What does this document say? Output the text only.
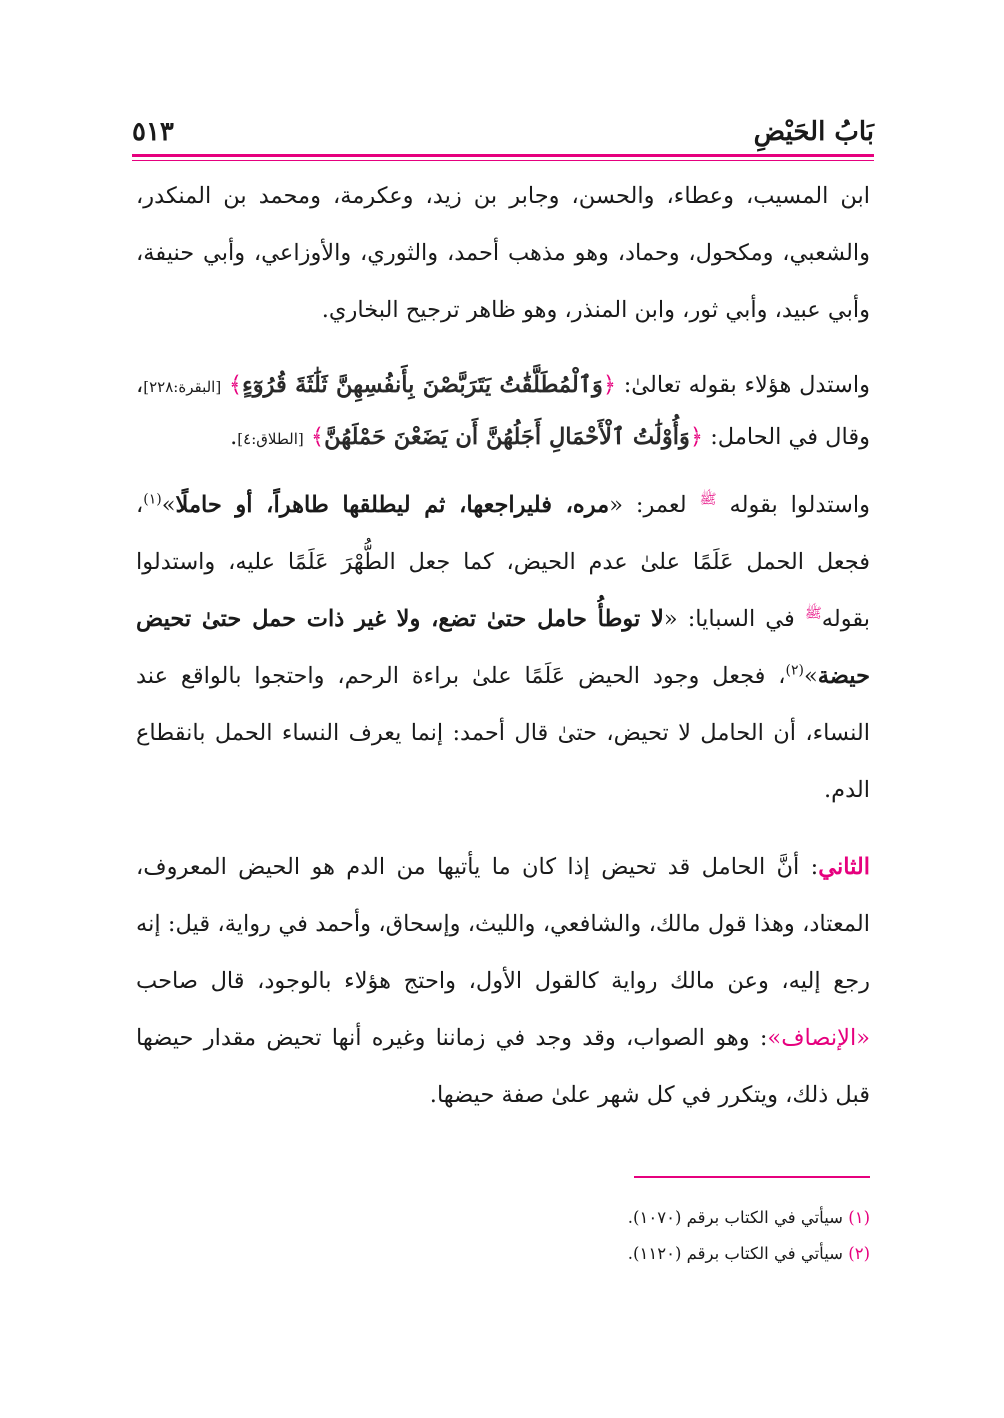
بَابُ الحَيْضِ
٥١٣

ابن المسيب، وعطاء، والحسن، وجابر بن زيد، وعكرمة، ومحمد بن المنكدر، والشعبي، ومكحول، وحماد، وهو مذهب أحمد، والثوري، والأوزاعي، وأبي حنيفة، وأبي عبيد، وأبي ثور، وابن المنذر، وهو ظاهر ترجيح البخاري.

واستدل هؤلاء بقوله تعالىٰ: ﴿وَٱلْمُطَلَّقَٰتُ يَتَرَبَّصْنَ بِأَنفُسِهِنَّ ثَلَٰثَةَ قُرُوٓءٍ﴾ [البقرة:٢٢٨]، وقال في الحامل: ﴿وَأُوْلَٰتُ ٱلْأَحْمَالِ أَجَلُهُنَّ أَن يَضَعْنَ حَمْلَهُنَّ﴾ [الطلاق:٤].

واستدلوا بقوله $^ﷺ$ لعمر: «مره، فليراجعها، ثم ليطلقها طاهراً، أو حاملًا»$^{(١)}$، فجعل الحمل عَلَمًا علىٰ عدم الحيض، كما جعل الطُّهْرَ عَلَمًا عليه، واستدلوا بقوله$^ﷺ$ في السبايا: «لا توطأُ حامل حتىٰ تضع، ولا غير ذات حمل حتىٰ تحيض حيضة»$^{(٢)}$، فجعل وجود الحيض عَلَمًا علىٰ براءة الرحم، واحتجوا بالواقع عند النساء، أن الحامل لا تحيض، حتىٰ قال أحمد: إنما يعرف النساء الحمل بانقطاع الدم.

الثاني: أنَّ الحامل قد تحيض إذا كان ما يأتيها من الدم هو الحيض المعروف، المعتاد، وهذا قول مالك، والشافعي، والليث، وإسحاق، وأحمد في رواية، قيل: إنه رجع إليه، وعن مالك رواية كالقول الأول، واحتج هؤلاء بالوجود، قال صاحب «الإنصاف»: وهو الصواب، وقد وجد في زماننا وغيره أنها تحيض مقدار حيضها قبل ذلك، ويتكرر في كل شهر علىٰ صفة حيضها.

(١) سيأتي في الكتاب برقم (١٠٧٠).
(٢) سيأتي في الكتاب برقم (١١٢٠).
